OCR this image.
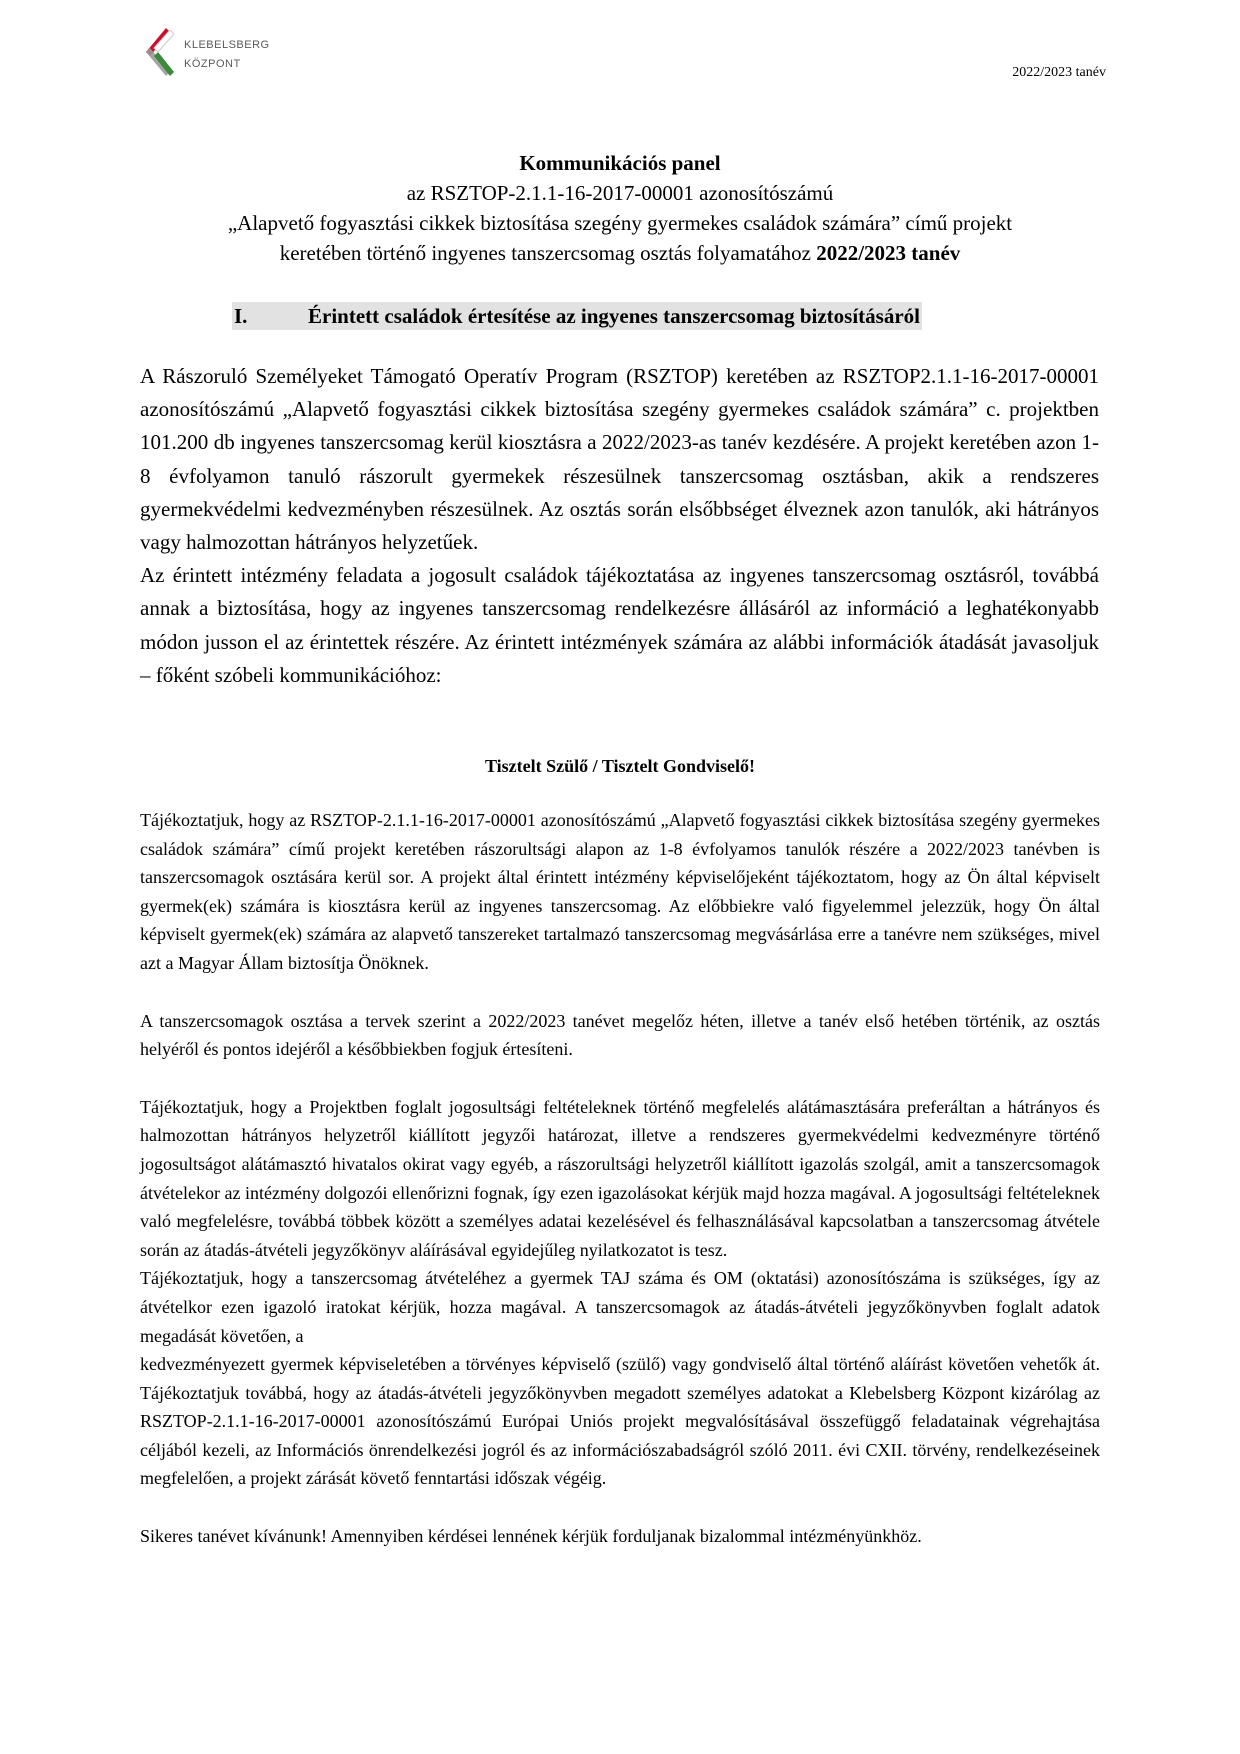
KLEBELSBERG
KÖZPONT
2022/2023 tanév
Kommunikációs panel
az RSZTOP-2.1.1-16-2017-00001 azonosítószámú
„Alapvető fogyasztási cikkek biztosítása szegény gyermekes családok számára” című projekt
keretében történő ingyenes tanszercsomag osztás folyamatához 2022/2023 tanév
I.	Érintett családok értesítése az ingyenes tanszercsomag biztosításáról

A Rászoruló Személyeket Támogató Operatív Program (RSZTOP) keretében az RSZTOP2.1.1-16-2017-00001 azonosítószámú „Alapvető fogyasztási cikkek biztosítása szegény gyermekes családok számára” c. projektben 101.200 db ingyenes tanszercsomag kerül kiosztásra a 2022/2023-as tanév kezdésére. A projekt keretében azon 1-8 évfolyamon tanuló rászorult gyermekek részesülnek tanszercsomag osztásban, akik a rendszeres gyermekvédelmi kedvezményben részesülnek. Az osztás során elsőbbséget élveznek azon tanulók, aki hátrányos vagy halmozottan hátrányos helyzetűek.

Az érintett intézmény feladata a jogosult családok tájékoztatása az ingyenes tanszercsomag osztásról, továbbá annak a biztosítása, hogy az ingyenes tanszercsomag rendelkezésre állásáról az információ a leghatékonyabb módon jusson el az érintettek részére. Az érintett intézmények számára az alábbi információk átadását javasoljuk – főként szóbeli kommunikációhoz:

Tisztelt Szülő / Tisztelt Gondviselő!

Tájékoztatjuk, hogy az RSZTOP-2.1.1-16-2017-00001 azonosítószámú „Alapvető fogyasztási cikkek biztosítása szegény gyermekes családok számára” című projekt keretében rászorultsági alapon az 1-8 évfolyamos tanulók részére a 2022/2023 tanévben is tanszercsomagok osztására kerül sor. A projekt által érintett intézmény képviselőjeként tájékoztatom, hogy az Ön által képviselt gyermek(ek) számára is kiosztásra kerül az ingyenes tanszercsomag. Az előbbiekre való figyelemmel jelezzük, hogy Ön által képviselt gyermek(ek) számára az alapvető tanszereket tartalmazó tanszercsomag megvásárlása erre a tanévre nem szükséges, mivel azt a Magyar Állam biztosítja Önöknek.

A tanszercsomagok osztása a tervek szerint a 2022/2023 tanévet megelőz héten, illetve a tanév első hetében történik, az osztás helyéről és pontos idejéről a későbbiekben fogjuk értesíteni.

Tájékoztatjuk, hogy a Projektben foglalt jogosultsági feltételeknek történő megfelelés alátámasztására preferáltan a hátrányos és halmozottan hátrányos helyzetről kiállított jegyzői határozat, illetve a rendszeres gyermekvédelmi kedvezményre történő jogosultságot alátámasztó hivatalos okirat vagy egyéb, a rászorultsági helyzetről kiállított igazolás szolgál, amit a tanszercsomagok átvételekor az intézmény dolgozói ellenőrizni fognak, így ezen igazolásokat kérjük majd hozza magával. A jogosultsági feltételeknek való megfelelésre, továbbá többek között a személyes adatai kezelésével és felhasználásával kapcsolatban a tanszercsomag átvétele során az átadás-átvételi jegyzőkönyv aláírásával egyidejűleg nyilatkozatot is tesz.

Tájékoztatjuk, hogy a tanszercsomag átvételéhez a gyermek TAJ száma és OM (oktatási) azonosítószáma is szükséges, így az átvételkor ezen igazoló iratokat kérjük, hozza magával. A tanszercsomagok az átadás-átvételi jegyzőkönyvben foglalt adatok megadását követően, a

kedvezményezett gyermek képviseletében a törvényes képviselő (szülő) vagy gondviselő által történő aláírást követően vehetők át. Tájékoztatjuk továbbá, hogy az átadás-átvételi jegyzőkönyvben megadott személyes adatokat a Klebelsberg Központ kizárólag az RSZTOP-2.1.1-16-2017-00001 azonosítószámú Európai Uniós projekt megvalósításával összefüggő feladatainak végrehajtása céljából kezeli, az Információs önrendelkezési jogról és az információszabadságról szóló 2011. évi CXII. törvény, rendelkezéseinek megfelelően, a projekt zárását követő fenntartási időszak végéig.

Sikeres tanévet kívánunk! Amennyiben kérdései lennének kérjük forduljanak bizalommal intézményünkhöz.
